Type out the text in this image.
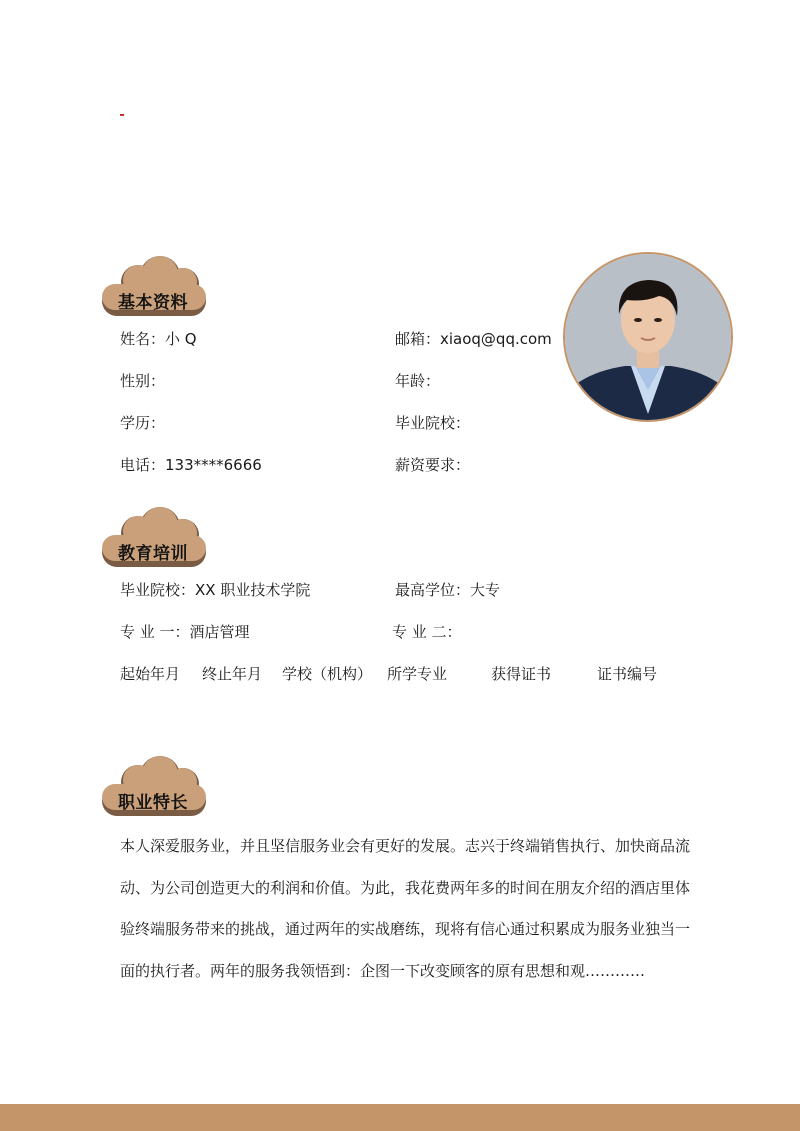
基本资料
姓名：小 Q	邮箱：xiaoq@qq.com
性别：	年龄：
学历：	毕业院校：
电话：133****6666	薪资要求：
教育培训
毕业院校：XX 职业技术学院	最高学位：大专
专 业 一：酒店管理	专 业 二：
起始年月 终止年月 学校（机构） 所学专业	获得证书	证书编号
职业特长

本人深爱服务业，并且坚信服务业会有更好的发展。志兴于终端销售执行、加快商品流

动、为公司创造更大的利润和价值。为此，我花费两年多的时间在朋友介绍的酒店里体

验终端服务带来的挑战，通过两年的实战磨练，现将有信心通过积累成为服务业独当一

面的执行者。两年的服务我领悟到：企图一下改变顾客的原有思想和观…………
